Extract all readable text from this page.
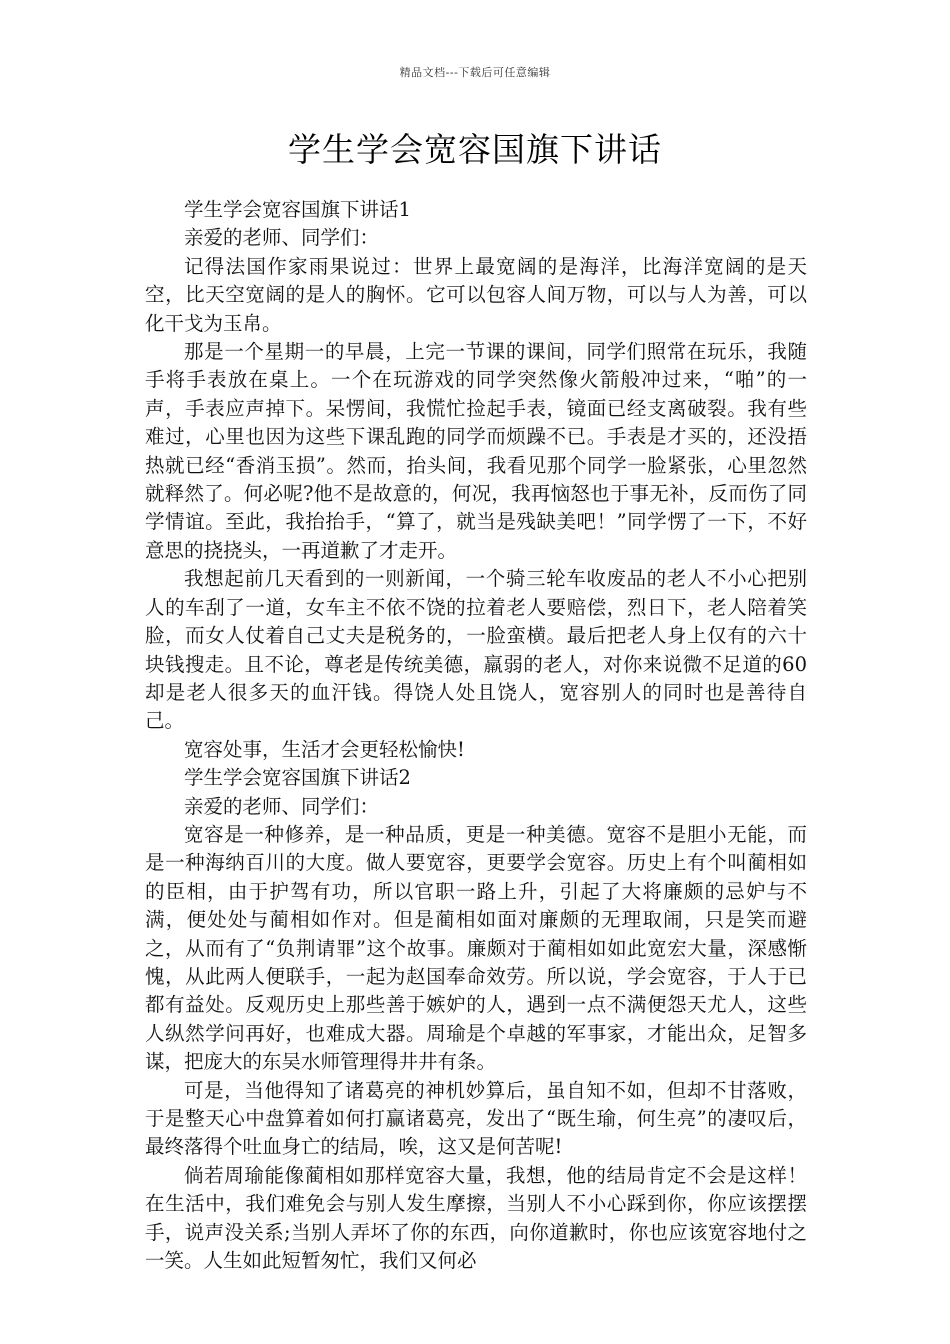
精品文档---下载后可任意编辑
学生学会宽容国旗下讲话

学生学会宽容国旗下讲话1

亲爱的老师、同学们：

记得法国作家雨果说过：世界上最宽阔的是海洋，比海洋宽阔的是天空，比天空宽阔的是人的胸怀。它可以包容人间万物，可以与人为善，可以化干戈为玉帛。

那是一个星期一的早晨，上完一节课的课间，同学们照常在玩乐，我随手将手表放在桌上。一个在玩游戏的同学突然像火箭般冲过来，“啪”的一声，手表应声掉下。呆愣间，我慌忙捡起手表，镜面已经支离破裂。我有些难过，心里也因为这些下课乱跑的同学而烦躁不已。手表是才买的，还没捂热就已经“香消玉损”。然而，抬头间，我看见那个同学一脸紧张，心里忽然就释然了。何必呢?他不是故意的，何况，我再恼怒也于事无补，反而伤了同学情谊。至此，我抬抬手，“算了，就当是残缺美吧！”同学愣了一下，不好意思的挠挠头，一再道歉了才走开。

我想起前几天看到的一则新闻，一个骑三轮车收废品的老人不小心把别人的车刮了一道，女车主不依不饶的拉着老人要赔偿，烈日下，老人陪着笑脸，而女人仗着自己丈夫是税务的，一脸蛮横。最后把老人身上仅有的六十块钱搜走。且不论，尊老是传统美德，羸弱的老人，对你来说微不足道的60却是老人很多天的血汗钱。得饶人处且饶人，宽容别人的同时也是善待自己。

宽容处事，生活才会更轻松愉快!

学生学会宽容国旗下讲话2

亲爱的老师、同学们：

宽容是一种修养，是一种品质，更是一种美德。宽容不是胆小无能，而是一种海纳百川的大度。做人要宽容，更要学会宽容。历史上有个叫蔺相如的臣相，由于护驾有功，所以官职一路上升，引起了大将廉颇的忌妒与不满，便处处与蔺相如作对。但是蔺相如面对廉颇的无理取闹，只是笑而避之，从而有了“负荆请罪”这个故事。廉颇对于蔺相如如此宽宏大量，深感惭愧，从此两人便联手，一起为赵国奉命效劳。所以说，学会宽容，于人于已都有益处。反观历史上那些善于嫉妒的人，遇到一点不满便怨天尤人，这些人纵然学问再好，也难成大器。周瑜是个卓越的军事家，才能出众，足智多谋，把庞大的东吴水师管理得井井有条。

可是，当他得知了诸葛亮的神机妙算后，虽自知不如，但却不甘落败，于是整天心中盘算着如何打赢诸葛亮，发出了“既生瑜，何生亮”的凄叹后，最终落得个吐血身亡的结局，唉，这又是何苦呢!

倘若周瑜能像蔺相如那样宽容大量，我想，他的结局肯定不会是这样！在生活中，我们难免会与别人发生摩擦，当别人不小心踩到你，你应该摆摆手，说声没关系;当别人弄坏了你的东西，向你道歉时，你也应该宽容地付之一笑。人生如此短暂匆忙，我们又何必
